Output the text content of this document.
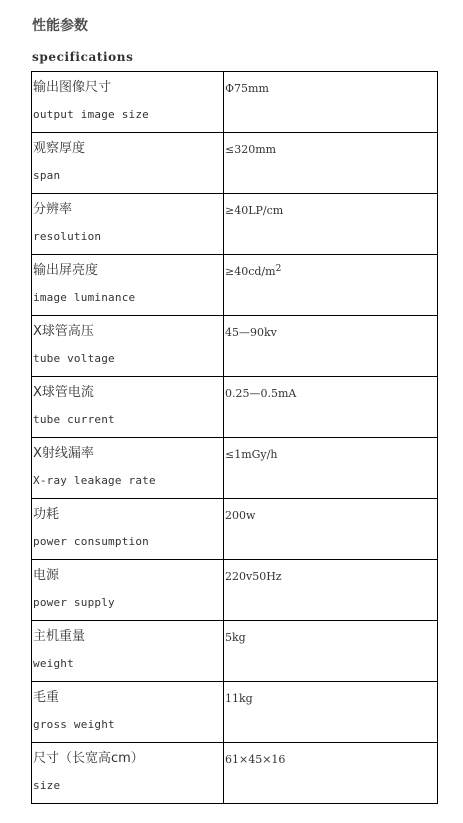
性能参数
specifications
输出图像尺寸
output image size	Φ75mm

观察厚度
span	≤320mm

分辨率
resolution	≥40LP/cm

输出屏亮度
image luminance	$\ge 40cd/m^2$

X球管高压
tube voltage	45—90kv

X球管电流
tube current	0.25—0.5mA

X射线漏率
X-ray leakage rate	≤1mGy/h

功耗
power consumption	200w

电源
power supply	220v50Hz

主机重量
weight	5kg

毛重
gross weight	11kg

尺寸（长宽高cm）
size	61×45×16
